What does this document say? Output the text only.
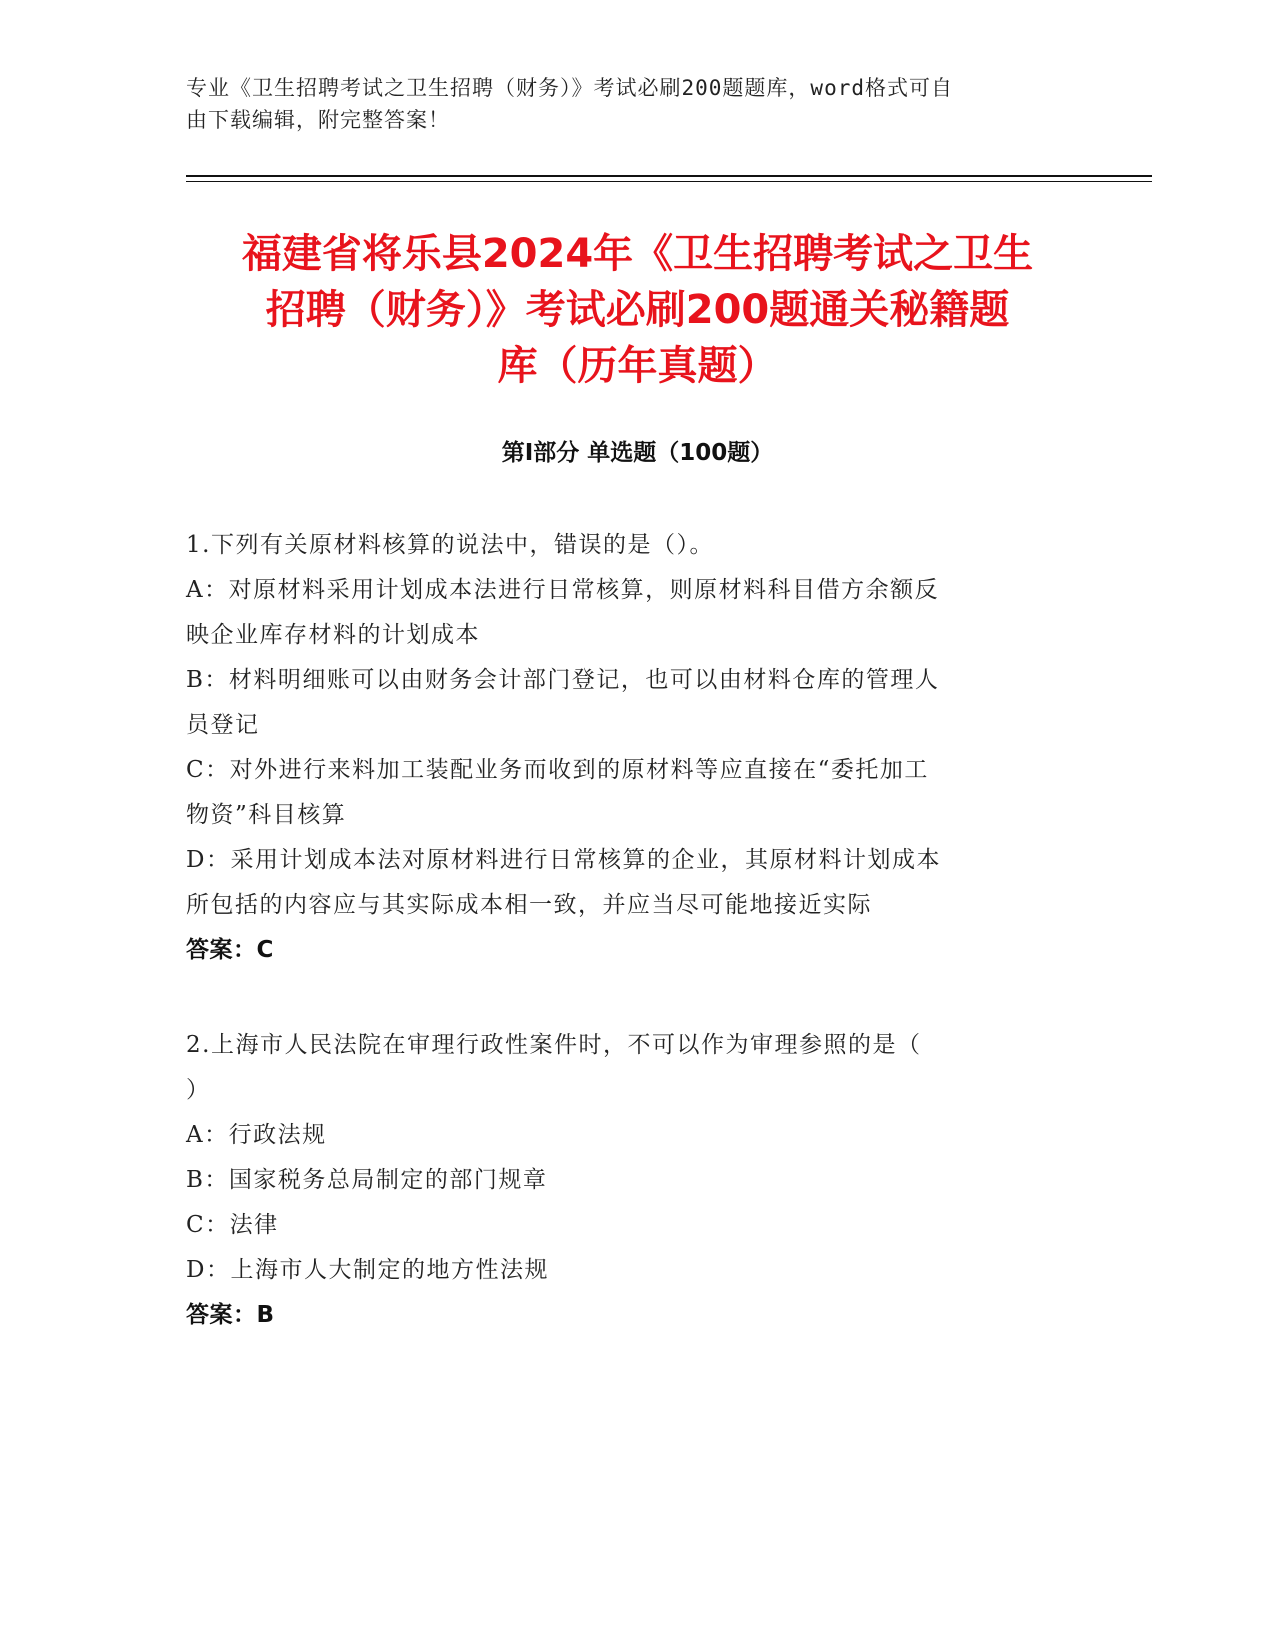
专业《卫生招聘考试之卫生招聘（财务）》考试必刷200题题库，word格式可自
由下载编辑，附完整答案！
福建省将乐县2024年《卫生招聘考试之卫生
招聘（财务）》考试必刷200题通关秘籍题
库（历年真题）
第I部分 单选题（100题）
1.下列有关原材料核算的说法中，错误的是（）。
A：对原材料采用计划成本法进行日常核算，则原材料科目借方余额反
映企业库存材料的计划成本
B：材料明细账可以由财务会计部门登记，也可以由材料仓库的管理人
员登记
C：对外进行来料加工装配业务而收到的原材料等应直接在“委托加工
物资”科目核算
D：采用计划成本法对原材料进行日常核算的企业，其原材料计划成本
所包括的内容应与其实际成本相一致，并应当尽可能地接近实际
答案：C
2.上海市人民法院在审理行政性案件时，不可以作为审理参照的是（
）
A：行政法规
B：国家税务总局制定的部门规章
C：法律
D：上海市人大制定的地方性法规
答案：B
